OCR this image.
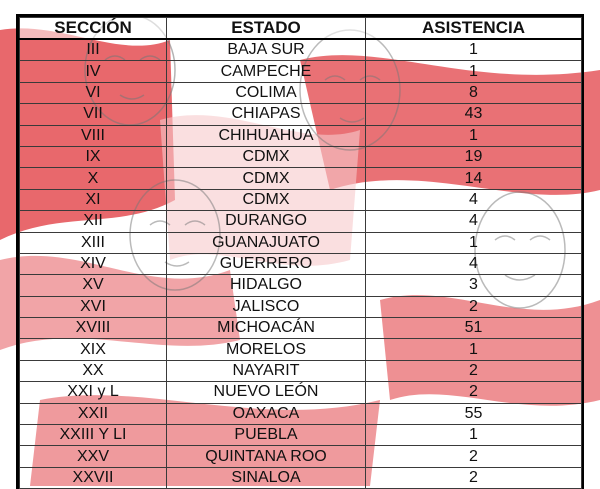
SECCIÓN	ESTADO	ASISTENCIA
III	BAJA SUR	1
IV	CAMPECHE	1
VI	COLIMA	8
VII	CHIAPAS	43
VIII	CHIHUAHUA	1
IX	CDMX	19
X	CDMX	14
XI	CDMX	4
XII	DURANGO	4
XIII	GUANAJUATO	1
XIV	GUERRERO	4
XV	HIDALGO	3
XVI	JALISCO	2
XVIII	MICHOACÁN	51
XIX	MORELOS	1
XX	NAYARIT	2
XXI y L	NUEVO LEÓN	2
XXII	OAXACA	55
XXIII Y LI	PUEBLA	1
XXV	QUINTANA ROO	2
XXVII	SINALOA	2
